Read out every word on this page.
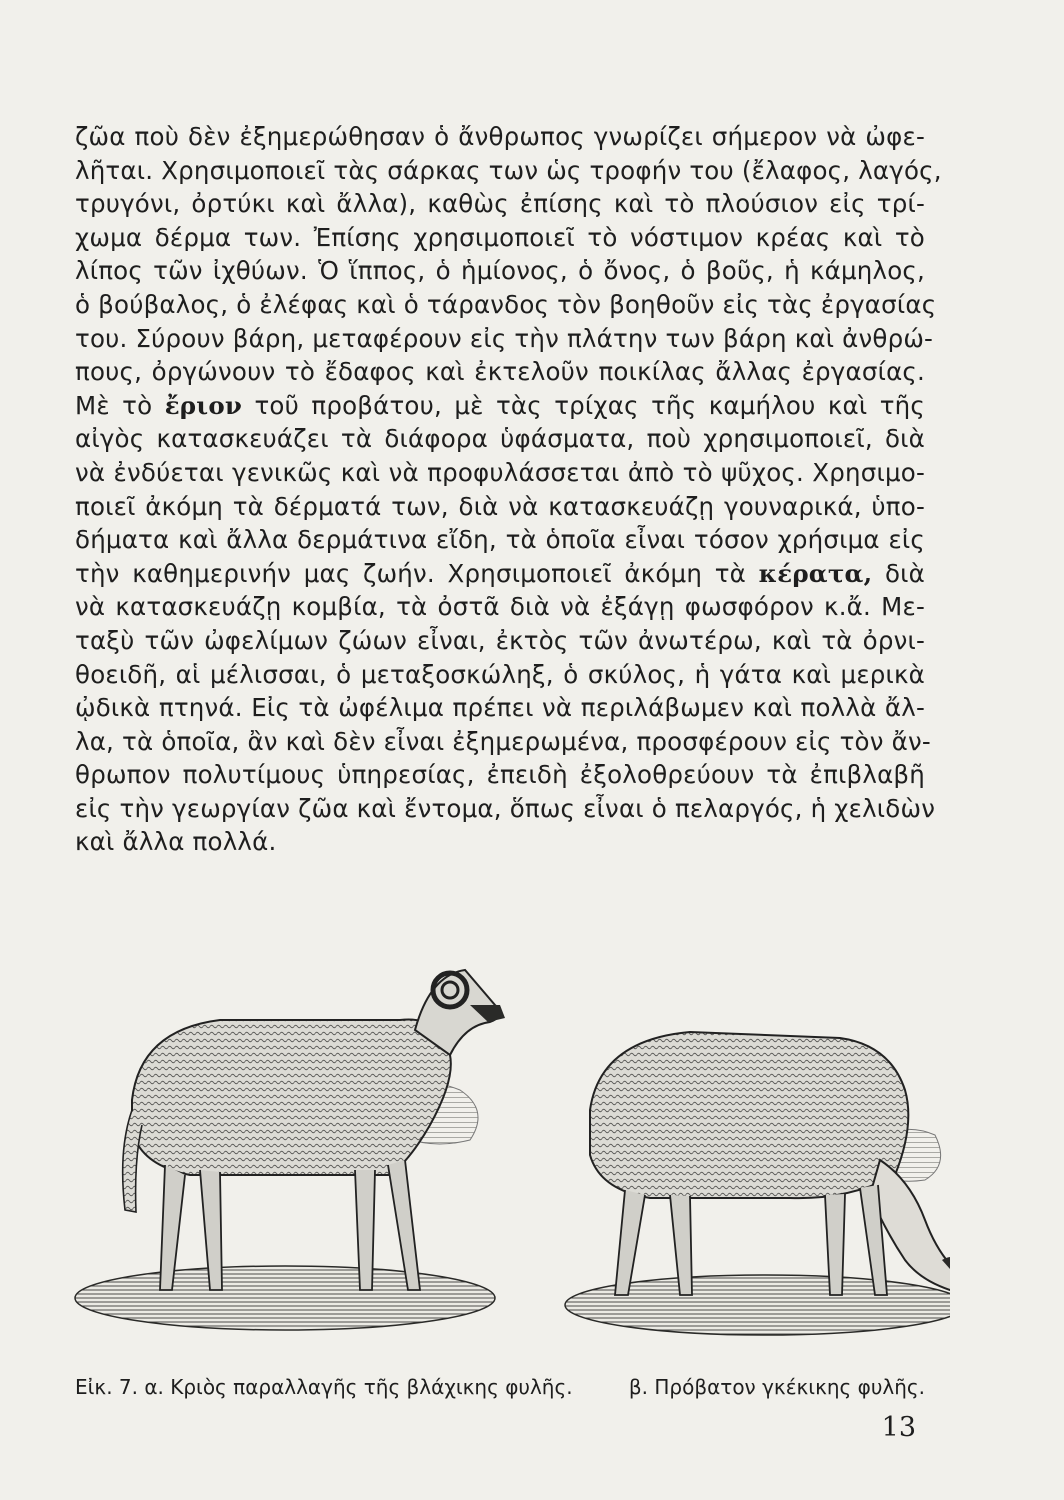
ζῶα ποὺ δὲν ἐξημερώθησαν ὁ ἄνθρωπος γνωρίζει σήμερον νὰ ὠφε-
λῆται. Χρησιμοποιεῖ τὰς σάρκας των ὡς τροφήν του (ἔλαφος, λαγός,
τρυγόνι, ὀρτύκι καὶ ἄλλα), καθὼς ἐπίσης καὶ τὸ πλούσιον εἰς τρί-
χωμα δέρμα των. Ἐπίσης χρησιμοποιεῖ τὸ νόστιμον κρέας καὶ τὸ
λίπος τῶν ἰχθύων. Ὁ ἵππος, ὁ ἡμίονος, ὁ ὄνος, ὁ βοῦς, ἡ κάμηλος,
ὁ βούβαλος, ὁ ἐλέφας καὶ ὁ τάρανδος τὸν βοηθοῦν εἰς τὰς ἐργασίας
του. Σύρουν βάρη, μεταφέρουν εἰς τὴν πλάτην των βάρη καὶ ἀνθρώ-
πους, ὀργώνουν τὸ ἔδαφος καὶ ἐκτελοῦν ποικίλας ἄλλας ἐργασίας.
Μὲ τὸ ἔριον τοῦ προβάτου, μὲ τὰς τρίχας τῆς καμήλου καὶ τῆς
αἰγὸς κατασκευάζει τὰ διάφορα ὑφάσματα, ποὺ χρησιμοποιεῖ, διὰ
νὰ ἐνδύεται γενικῶς καὶ νὰ προφυλάσσεται ἀπὸ τὸ ψῦχος. Χρησιμο-
ποιεῖ ἀκόμη τὰ δέρματά των, διὰ νὰ κατασκευάζῃ γουναρικά, ὑπο-
δήματα καὶ ἄλλα δερμάτινα εἴδη, τὰ ὁποῖα εἶναι τόσον χρήσιμα εἰς
τὴν καθημερινήν μας ζωήν. Χρησιμοποιεῖ ἀκόμη τὰ κέρατα, διὰ
νὰ κατασκευάζῃ κομβία, τὰ ὀστᾶ διὰ νὰ ἐξάγῃ φωσφόρον κ.ἄ. Με-
ταξὺ τῶν ὠφελίμων ζώων εἶναι, ἐκτὸς τῶν ἀνωτέρω, καὶ τὰ ὀρνι-
θοειδῆ, αἱ μέλισσαι, ὁ μεταξοσκώληξ, ὁ σκύλος, ἡ γάτα καὶ μερικὰ
ᾠδικὰ πτηνά. Εἰς τὰ ὠφέλιμα πρέπει νὰ περιλάβωμεν καὶ πολλὰ ἄλ-
λα, τὰ ὁποῖα, ἂν καὶ δὲν εἶναι ἐξημερωμένα, προσφέρουν εἰς τὸν ἄν-
θρωπον πολυτίμους ὑπηρεσίας, ἐπειδὴ ἐξολοθρεύουν τὰ ἐπιβλαβῆ
εἰς τὴν γεωργίαν ζῶα καὶ ἔντομα, ὅπως εἶναι ὁ πελαργός, ἡ χελιδὼν
καὶ ἄλλα πολλά.
Εἰκ. 7. α. Κριὸς παραλλαγῆς τῆς βλάχικης φυλῆς.	β. Πρόβατον γκέκικης φυλῆς.
13
